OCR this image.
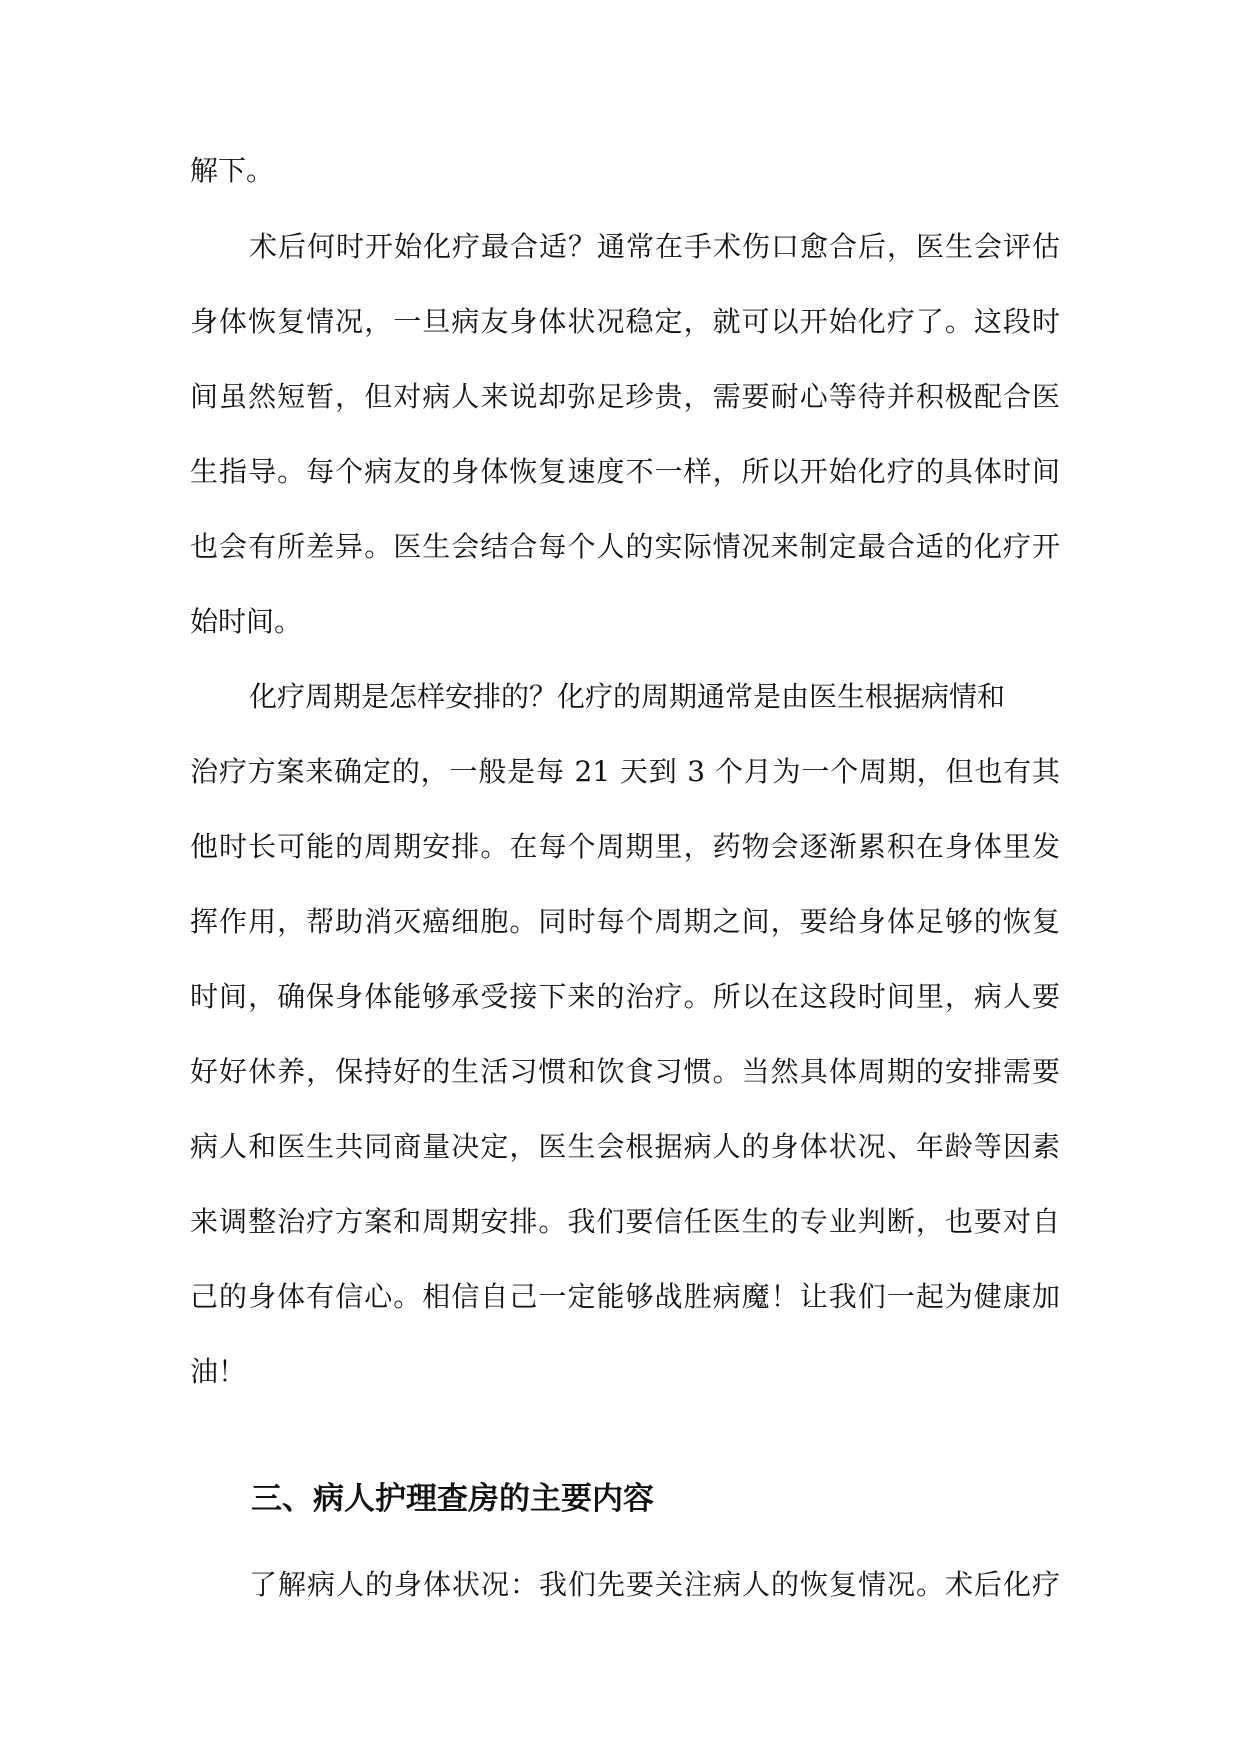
解下。
术后何时开始化疗最合适？通常在手术伤口愈合后，医生会评估
身体恢复情况，一旦病友身体状况稳定，就可以开始化疗了。这段时
间虽然短暂，但对病人来说却弥足珍贵，需要耐心等待并积极配合医
生指导。每个病友的身体恢复速度不一样，所以开始化疗的具体时间
也会有所差异。医生会结合每个人的实际情况来制定最合适的化疗开
始时间。
化疗周期是怎样安排的？化疗的周期通常是由医生根据病情和
治疗方案来确定的，一般是每 21 天到 3 个月为一个周期，但也有其
他时长可能的周期安排。在每个周期里，药物会逐渐累积在身体里发
挥作用，帮助消灭癌细胞。同时每个周期之间，要给身体足够的恢复
时间，确保身体能够承受接下来的治疗。所以在这段时间里，病人要
好好休养，保持好的生活习惯和饮食习惯。当然具体周期的安排需要
病人和医生共同商量决定，医生会根据病人的身体状况、年龄等因素
来调整治疗方案和周期安排。我们要信任医生的专业判断，也要对自
己的身体有信心。相信自己一定能够战胜病魔！让我们一起为健康加
油！
三、病人护理查房的主要内容
了解病人的身体状况：我们先要关注病人的恢复情况。术后化疗
